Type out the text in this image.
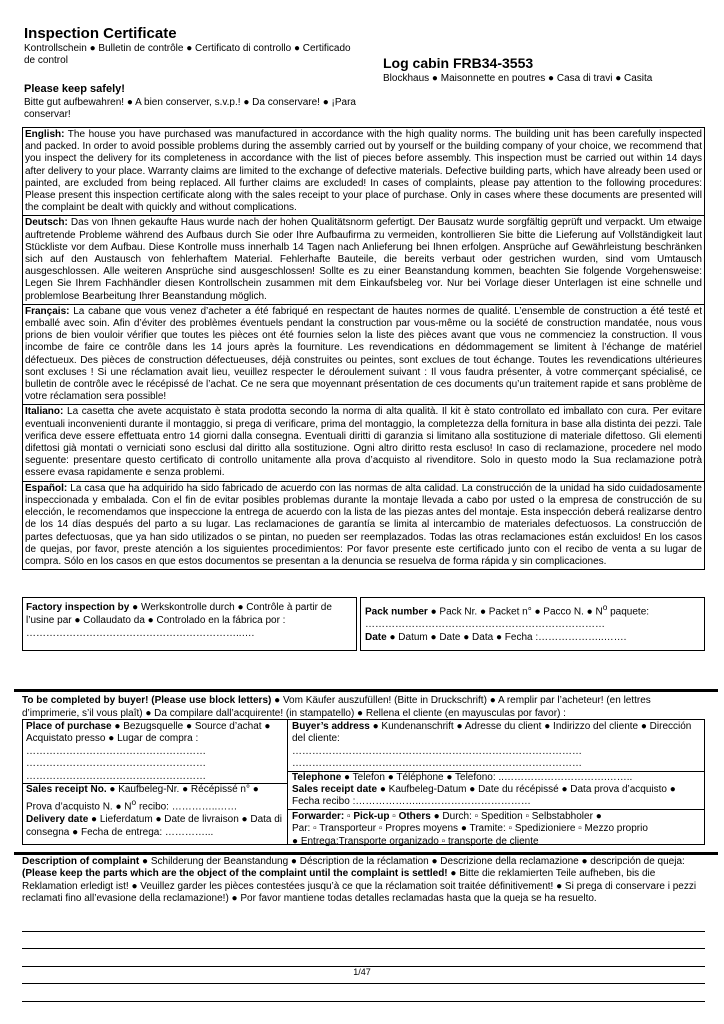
Inspection Certificate
Kontrollschein ● Bulletin de contrôle ● Certificato di controllo ● Certificado de control	Log cabin FRB34-3553
Blockhaus ● Maisonnette en poutres ● Casa di travi ● Casita
Please keep safely!
Bitte gut aufbewahren! ● A bien conserver, s.v.p.! ● Da conservare! ● ¡Para conservar!
English: The house you have purchased was manufactured in accordance with the high quality norms. The building unit has been carefully inspected and packed. In order to avoid possible problems during the assembly carried out by yourself or the building company of your choice, we recommend that you inspect the delivery for its completeness in accordance with the list of pieces before assembly. This inspection must be carried out within 14 days after delivery to your place. Warranty claims are limited to the exchange of defective materials. Defective building parts, which have already been used or painted, are excluded from being replaced. All further claims are excluded! In cases of complaints, please pay attention to the following procedures: Please present this inspection certificate along with the sales receipt to your place of purchase. Only in cases where these documents are presented will the complaint be dealt with quickly and without complications.
Deutsch: Das von Ihnen gekaufte Haus wurde nach der hohen Qualitätsnorm gefertigt. Der Bausatz wurde sorgfältig geprüft und verpackt. Um etwaige auftretende Probleme während des Aufbaus durch Sie oder Ihre Aufbaufirma zu vermeiden, kontrollieren Sie bitte die Lieferung auf Vollständigkeit laut Stückliste vor dem Aufbau. Diese Kontrolle muss innerhalb 14 Tagen nach Anlieferung bei Ihnen erfolgen. Ansprüche auf Gewährleistung beschränken sich auf den Austausch von fehlerhaftem Material. Fehlerhafte Bauteile, die bereits verbaut oder gestrichen wurden, sind vom Umtausch ausgeschlossen. Alle weiteren Ansprüche sind ausgeschlossen! Sollte es zu einer Beanstandung kommen, beachten Sie folgende Vorgehensweise: Legen Sie Ihrem Fachhändler diesen Kontrollschein zusammen mit dem Einkaufsbeleg vor. Nur bei Vorlage dieser Unterlagen ist eine schnelle und problemlose Bearbeitung Ihrer Beanstandung möglich.
Français: La cabane que vous venez d’acheter a été fabriqué en respectant de hautes normes de qualité. L’ensemble de construction a été testé et emballé avec soin. Afin d’éviter des problèmes éventuels pendant la construction par vous-même ou la société de construction mandatée, nous vous prions de bien vouloir vérifier que toutes les pièces ont été fournies selon la liste des pièces avant que vous ne commenciez la construction. Il vous incombe de faire ce contrôle dans les 14 jours après la fourniture. Les revendications en dédommagement se limitent à l’échange de matériel défectueux. Des pièces de construction défectueuses, déjà construites ou peintes, sont exclues de tout échange. Toutes les revendications ultérieures sont excluses ! Si une réclamation avait lieu, veuillez respecter le déroulement suivant : Il vous faudra présenter, à votre commerçant spécialisé, ce bulletin de contrôle avec le récépissé de l’achat. Ce ne sera que moyennant présentation de ces documents qu’un traitement rapide et sans problème de votre réclamation sera possible!
Italiano: La casetta che avete acquistato è stata prodotta secondo la norma di alta qualità. Il kit è stato controllato ed imballato con cura. Per evitare eventuali inconvenienti durante il montaggio, si prega di verificare, prima del montaggio, la completezza della fornitura in base alla distinta dei pezzi. Tale verifica deve essere effettuata entro 14 giorni dalla consegna. Eventuali diritti di garanzia si limitano alla sostituzione di materiale difettoso. Gli elementi difettosi già montati o verniciati sono esclusi dal diritto alla sostituzione. Ogni altro diritto resta escluso! In caso di reclamazione, procedere nel modo seguente: presentare questo certificato di controllo unitamente alla prova d’acquisto al rivenditore. Solo in questo modo la Sua reclamazione potrà essere evasa rapidamente e senza problemi.
Español: La casa que ha adquirido ha sido fabricado de acuerdo con las normas de alta calidad. La construcción de la unidad ha sido cuidadosamente inspeccionada y embalada. Con el fin de evitar posibles problemas durante la montaje llevada a cabo por usted o la empresa de construcción de su elección, le recomendamos que inspeccione la entrega de acuerdo con la lista de las piezas antes del montaje. Esta inspección deberá realizarse dentro de los 14 días después del parto a su lugar. Las reclamaciones de garantía se limita al intercambio de materiales defectuosos. La construcción de partes defectuosas, que ya han sido utilizados o se pintan, no pueden ser reemplazados. Todas las otras reclamaciones están excluidos! En los casos de quejas, por favor, preste atención a los siguientes procedimientos: Por favor presente este certificado junto con el recibo de venta a su lugar de compra. Sólo en los casos en que estos documentos se presentan a la denuncia se resuelva de forma rápida y sin complicaciones.
Factory inspection by ● Werkskontrolle durch ● Contrôle à partir de l’usine par ● Collaudato da ● Controlado en la fábrica por :
………………………………………………………..….
Pack number ● Pack Nr. ● Packet n° ● Pacco N. ● $N^o$ paquete:
………………………………………………………………
Date ● Datum ● Date ● Data ● Fecha :………………..…….
To be completed by buyer! (Please use block letters) ● Vom Käufer auszufüllen! (Bitte in Druckschrift) ● A remplir par l’acheteur! (en lettres d’imprimerie, s’il vous plaît) ● Da compilare dall’acquirente! (in stampatello) ● Rellena el cliente (en mayusculas por favor) :
Place of purchase ● Bezugsquelle ● Source d’achat ● Acquistato presso ● Lugar de compra :
………………………………………………
………………………………………………
………………………………………………
Sales receipt No. ● Kaufbeleg-Nr. ● Récépissé n° ● Prova d’acquisto N. ● $N^o$ recibo: …………..……
Delivery date ● Lieferdatum ● Date de livraison ● Data di consegna ● Fecha de entrega: …………...
Buyer’s address ● Kundenanschrift ● Adresse du client ● Indirizzo del cliente ● Dirección del cliente:
……………………………………………………………………………
……………………………………………………………………………
Telephone ● Telefon ● Téléphone ● Telefono: ..………………………….……..
Sales receipt date ● Kaufbeleg-Datum ● Date du récépissé ● Data prova d’acquisto ● Fecha recibo :………………..……………………………
Forwarder: ▫ Pick-up ▫ Others ● Durch: ▫ Spedition ▫ Selbstabholer ●
Par: ▫ Transporteur ▫ Propres moyens ● Tramite: ▫ Spedizioniere ▫ Mezzo proprio
● Entrega:Transporte organizado ▫ transporte de cliente
Description of complaint ● Schilderung der Beanstandung ● Déscription de la réclamation ● Descrizione della reclamazione ● descripción de queja: (Please keep the parts which are the object of the complaint until the complaint is settled! ● Bitte die reklamierten Teile aufheben, bis die Reklamation erledigt ist! ● Veuillez garder les pièces contestées jusqu’à ce que la réclamation soit traitée définitivement! ● Si prega di conservare i pezzi reclamati fino all’evasione della reclamazione!) ● Por favor mantiene todas detalles reclamadas hasta que la queja se ha resuelto.
1/47
